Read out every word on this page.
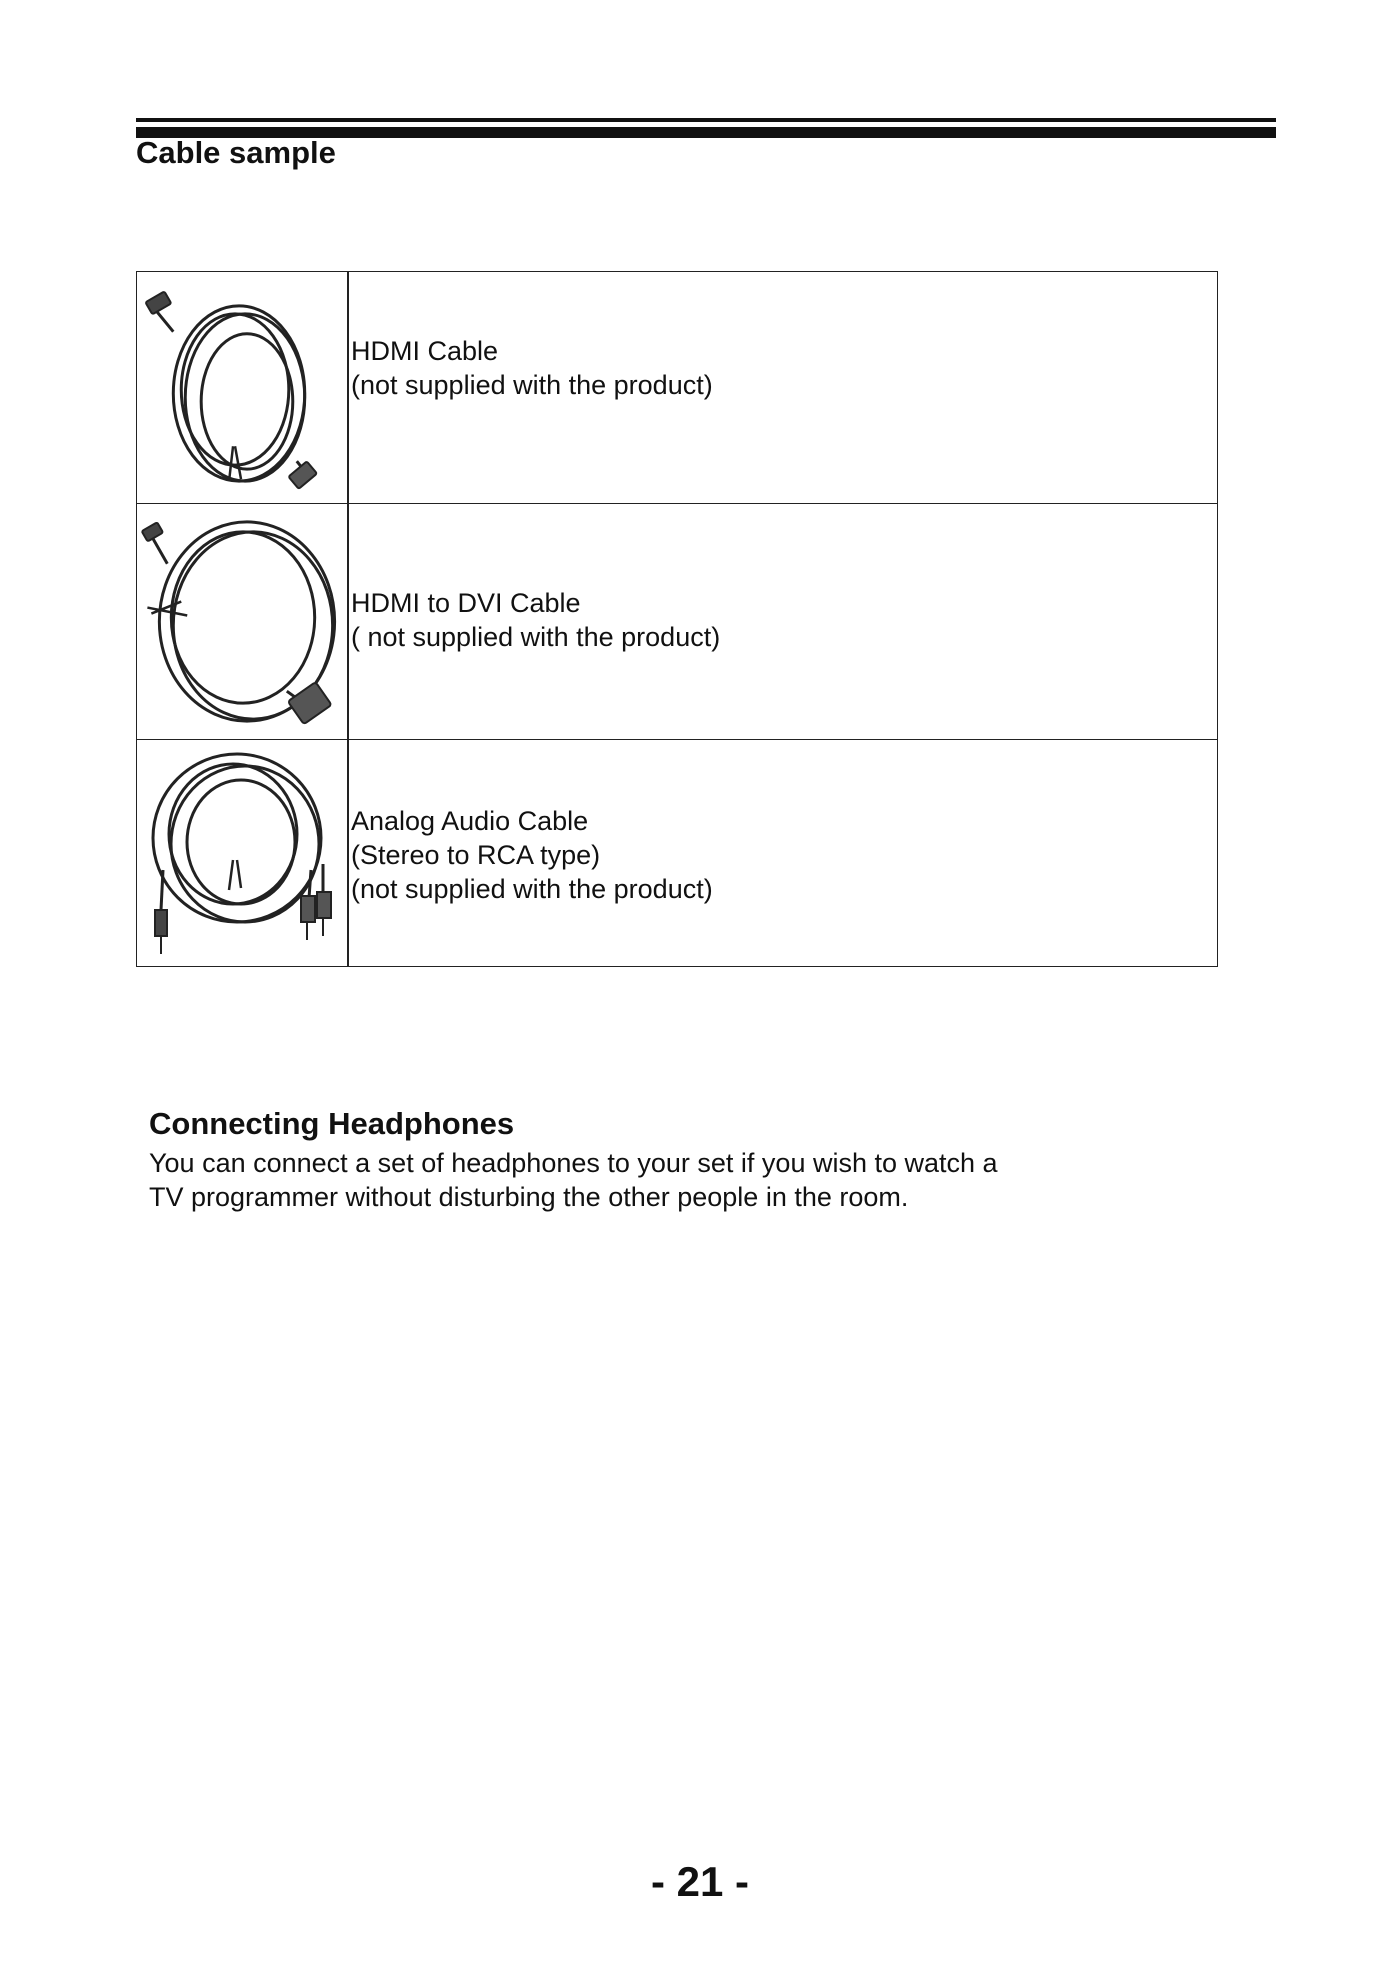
Cable sample
HDMI Cable
(not supplied with the product)
HDMI to DVI Cable
( not supplied with the product)
Analog Audio Cable
(Stereo to RCA type)
(not supplied with the product)
Connecting Headphones
You can connect a set of headphones to your set if you wish to watch a
TV programmer without disturbing the other people in the room.
- 21 -
